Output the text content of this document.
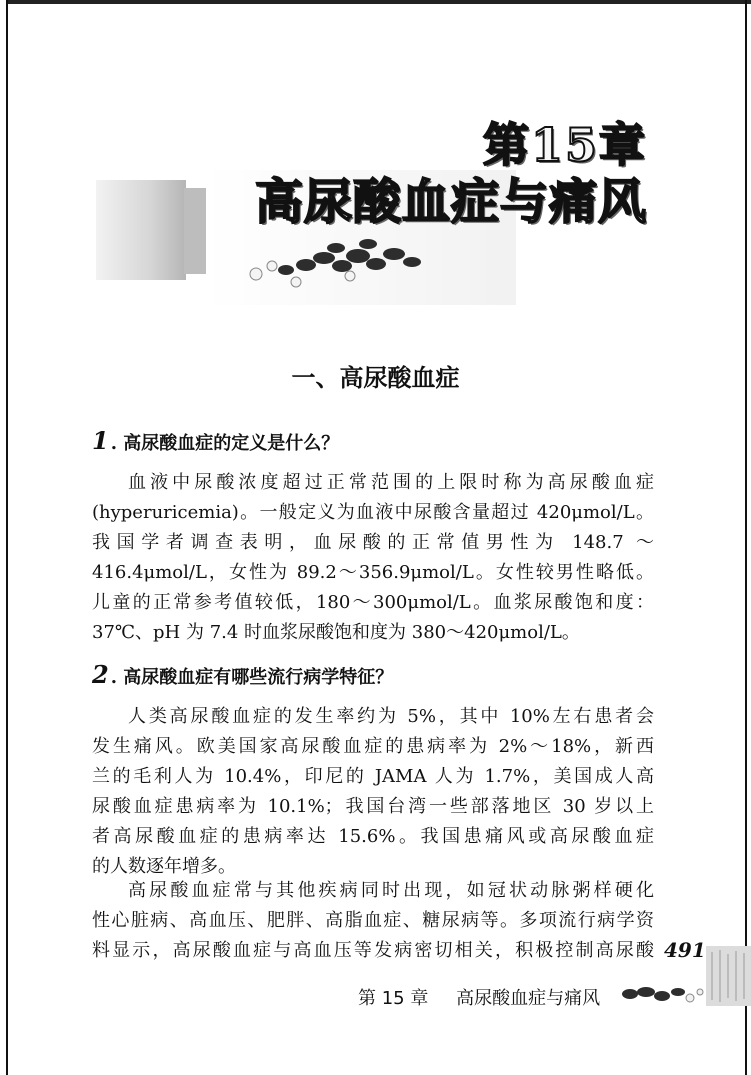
第15章
高尿酸血症与痛风
一、高尿酸血症
1 . 高尿酸血症的定义是什么？

血液中尿酸浓度超过正常范围的上限时称为高尿酸血症
(hyperuricemia)。一般定义为血液中尿酸含量超过 420μmol/L。
我国学者调查表明，血尿酸的正常值男性为 148.7 ～
416.4μmol/L，女性为 89.2～356.9μmol/L。女性较男性略低。
儿童的正常参考值较低，180～300μmol/L。血浆尿酸饱和度：
37℃、pH 为 7.4 时血浆尿酸饱和度为 380～420μmol/L。

2 . 高尿酸血症有哪些流行病学特征？

人类高尿酸血症的发生率约为 5%，其中 10%左右患者会
发生痛风。欧美国家高尿酸血症的患病率为 2%～18%，新西
兰的毛利人为 10.4%，印尼的 JAMA 人为 1.7%，美国成人高
尿酸血症患病率为 10.1%；我国台湾一些部落地区 30 岁以上
者高尿酸血症的患病率达 15.6%。我国患痛风或高尿酸血症
的人数逐年增多。

高尿酸血症常与其他疾病同时出现，如冠状动脉粥样硬化
性心脏病、高血压、肥胖、高脂血症、糖尿病等。多项流行病学资
料显示，高尿酸血症与高血压等发病密切相关，积极控制高尿酸 491
第 15 章 高尿酸血症与痛风
